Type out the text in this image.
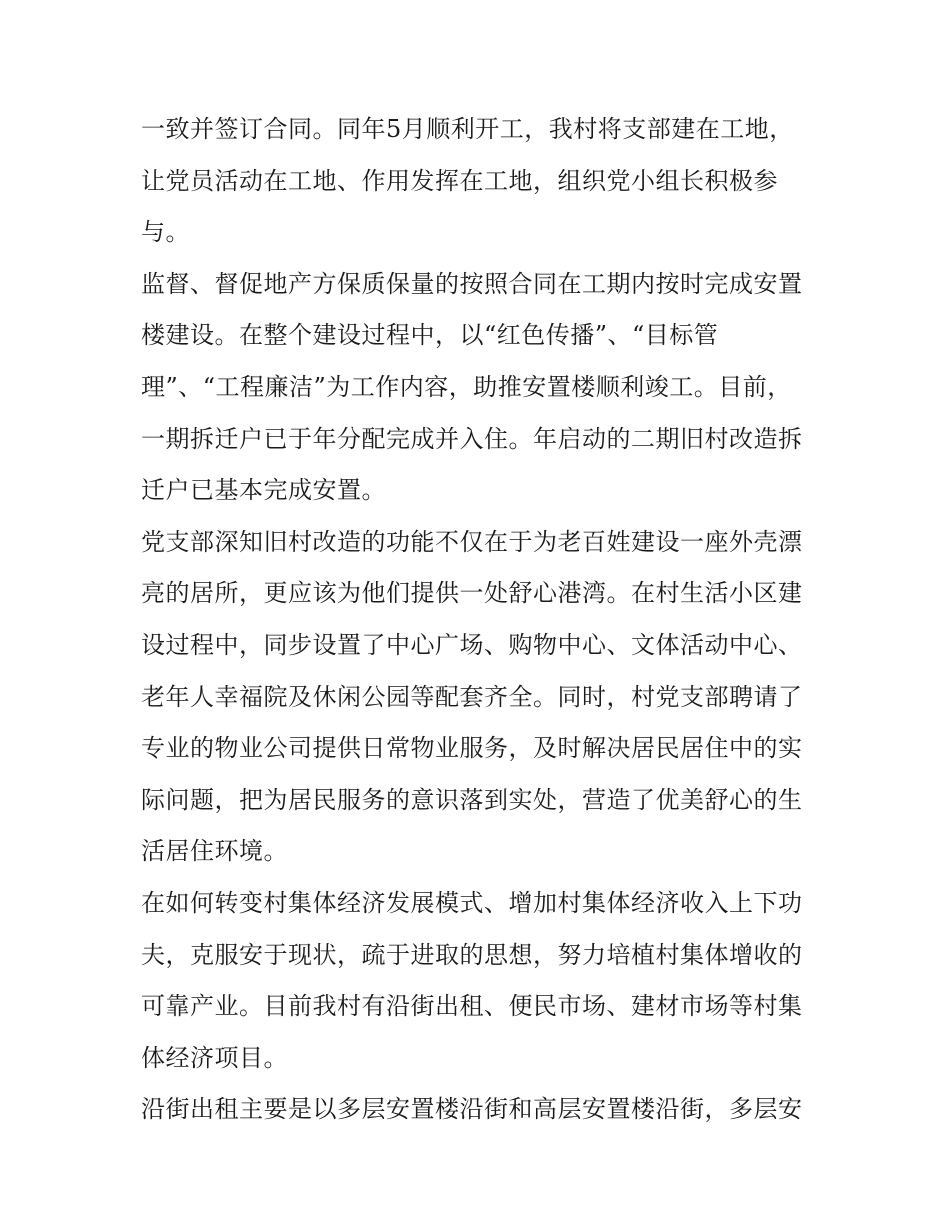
一致并签订合同。同年5月顺利开工，我村将支部建在工地，
让党员活动在工地、作用发挥在工地，组织党小组长积极参
与。
监督、督促地产方保质保量的按照合同在工期内按时完成安置
楼建设。在整个建设过程中，以“红色传播”、“目标管
理”、“工程廉洁”为工作内容，助推安置楼顺利竣工。目前，
一期拆迁户已于年分配完成并入住。年启动的二期旧村改造拆
迁户已基本完成安置。
党支部深知旧村改造的功能不仅在于为老百姓建设一座外壳漂
亮的居所，更应该为他们提供一处舒心港湾。在村生活小区建
设过程中，同步设置了中心广场、购物中心、文体活动中心、
老年人幸福院及休闲公园等配套齐全。同时，村党支部聘请了
专业的物业公司提供日常物业服务，及时解决居民居住中的实
际问题，把为居民服务的意识落到实处，营造了优美舒心的生
活居住环境。
在如何转变村集体经济发展模式、增加村集体经济收入上下功
夫，克服安于现状，疏于进取的思想，努力培植村集体增收的
可靠产业。目前我村有沿街出租、便民市场、建材市场等村集
体经济项目。
沿街出租主要是以多层安置楼沿街和高层安置楼沿街，多层安
